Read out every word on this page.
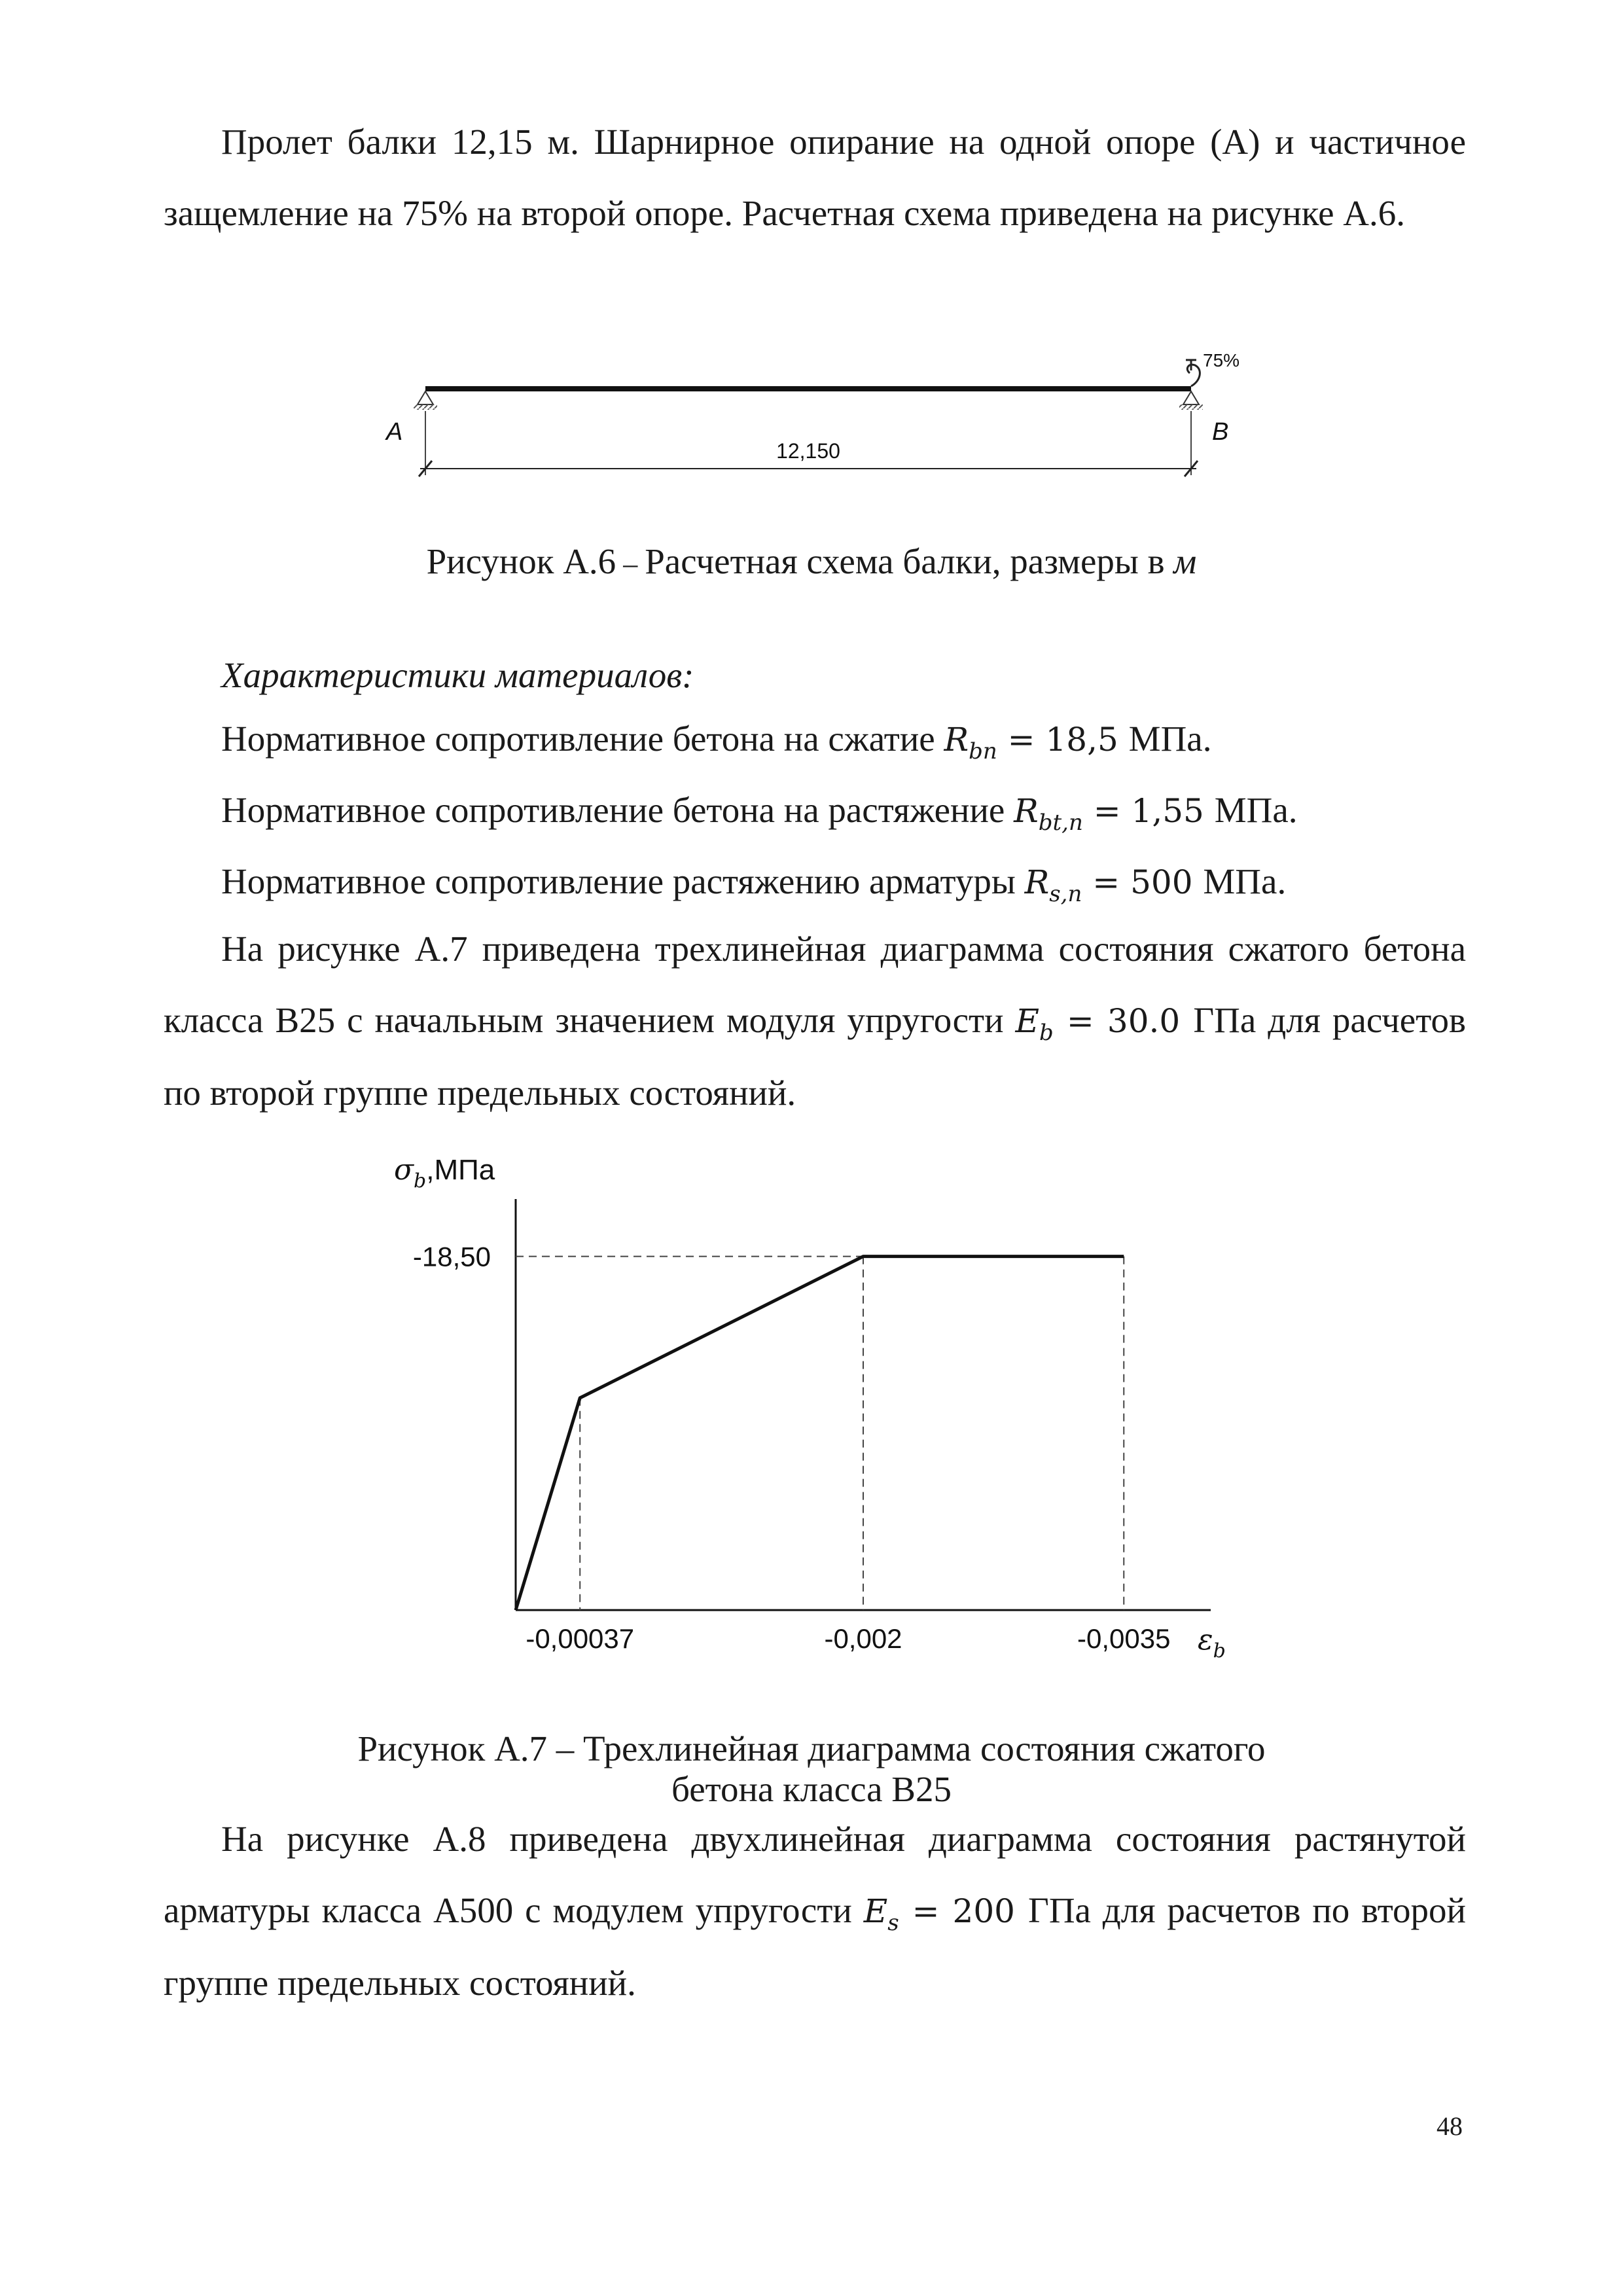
Пролет балки 12,15 м. Шарнирное опирание на одной опоре (А) и частичное защемление на 75% на второй опоре. Расчетная схема приведена на рисунке А.6.
A	B
75%
12,150
Рисунок А.6 – Расчетная схема балки, размеры в м
Характеристики материалов:
Нормативное сопротивление бетона на сжатие $R_{bn} = 18,5$ МПа.
Нормативное сопротивление бетона на растяжение $R_{bt,n} = 1,55$ МПа.
Нормативное сопротивление растяжению арматуры $R_{s,n} = 500$ МПа.
На рисунке А.7 приведена трехлинейная диаграмма состояния сжатого бетона класса В25 с начальным значением модуля упругости $E_b = 30.0$ ГПа для расчетов по второй группе предельных состояний.
-0,00037	-0,002	-0,0035
-18,50
$\sigma_b,МПа$
$\varepsilon_b$
Рисунок А.7 – Трехлинейная диаграмма состояния сжатого
бетона класса В25
На рисунке А.8 приведена двухлинейная диаграмма состояния растянутой арматуры класса А500 с модулем упругости $E_s = 200$ ГПа для расчетов по второй группе предельных состояний.
48
